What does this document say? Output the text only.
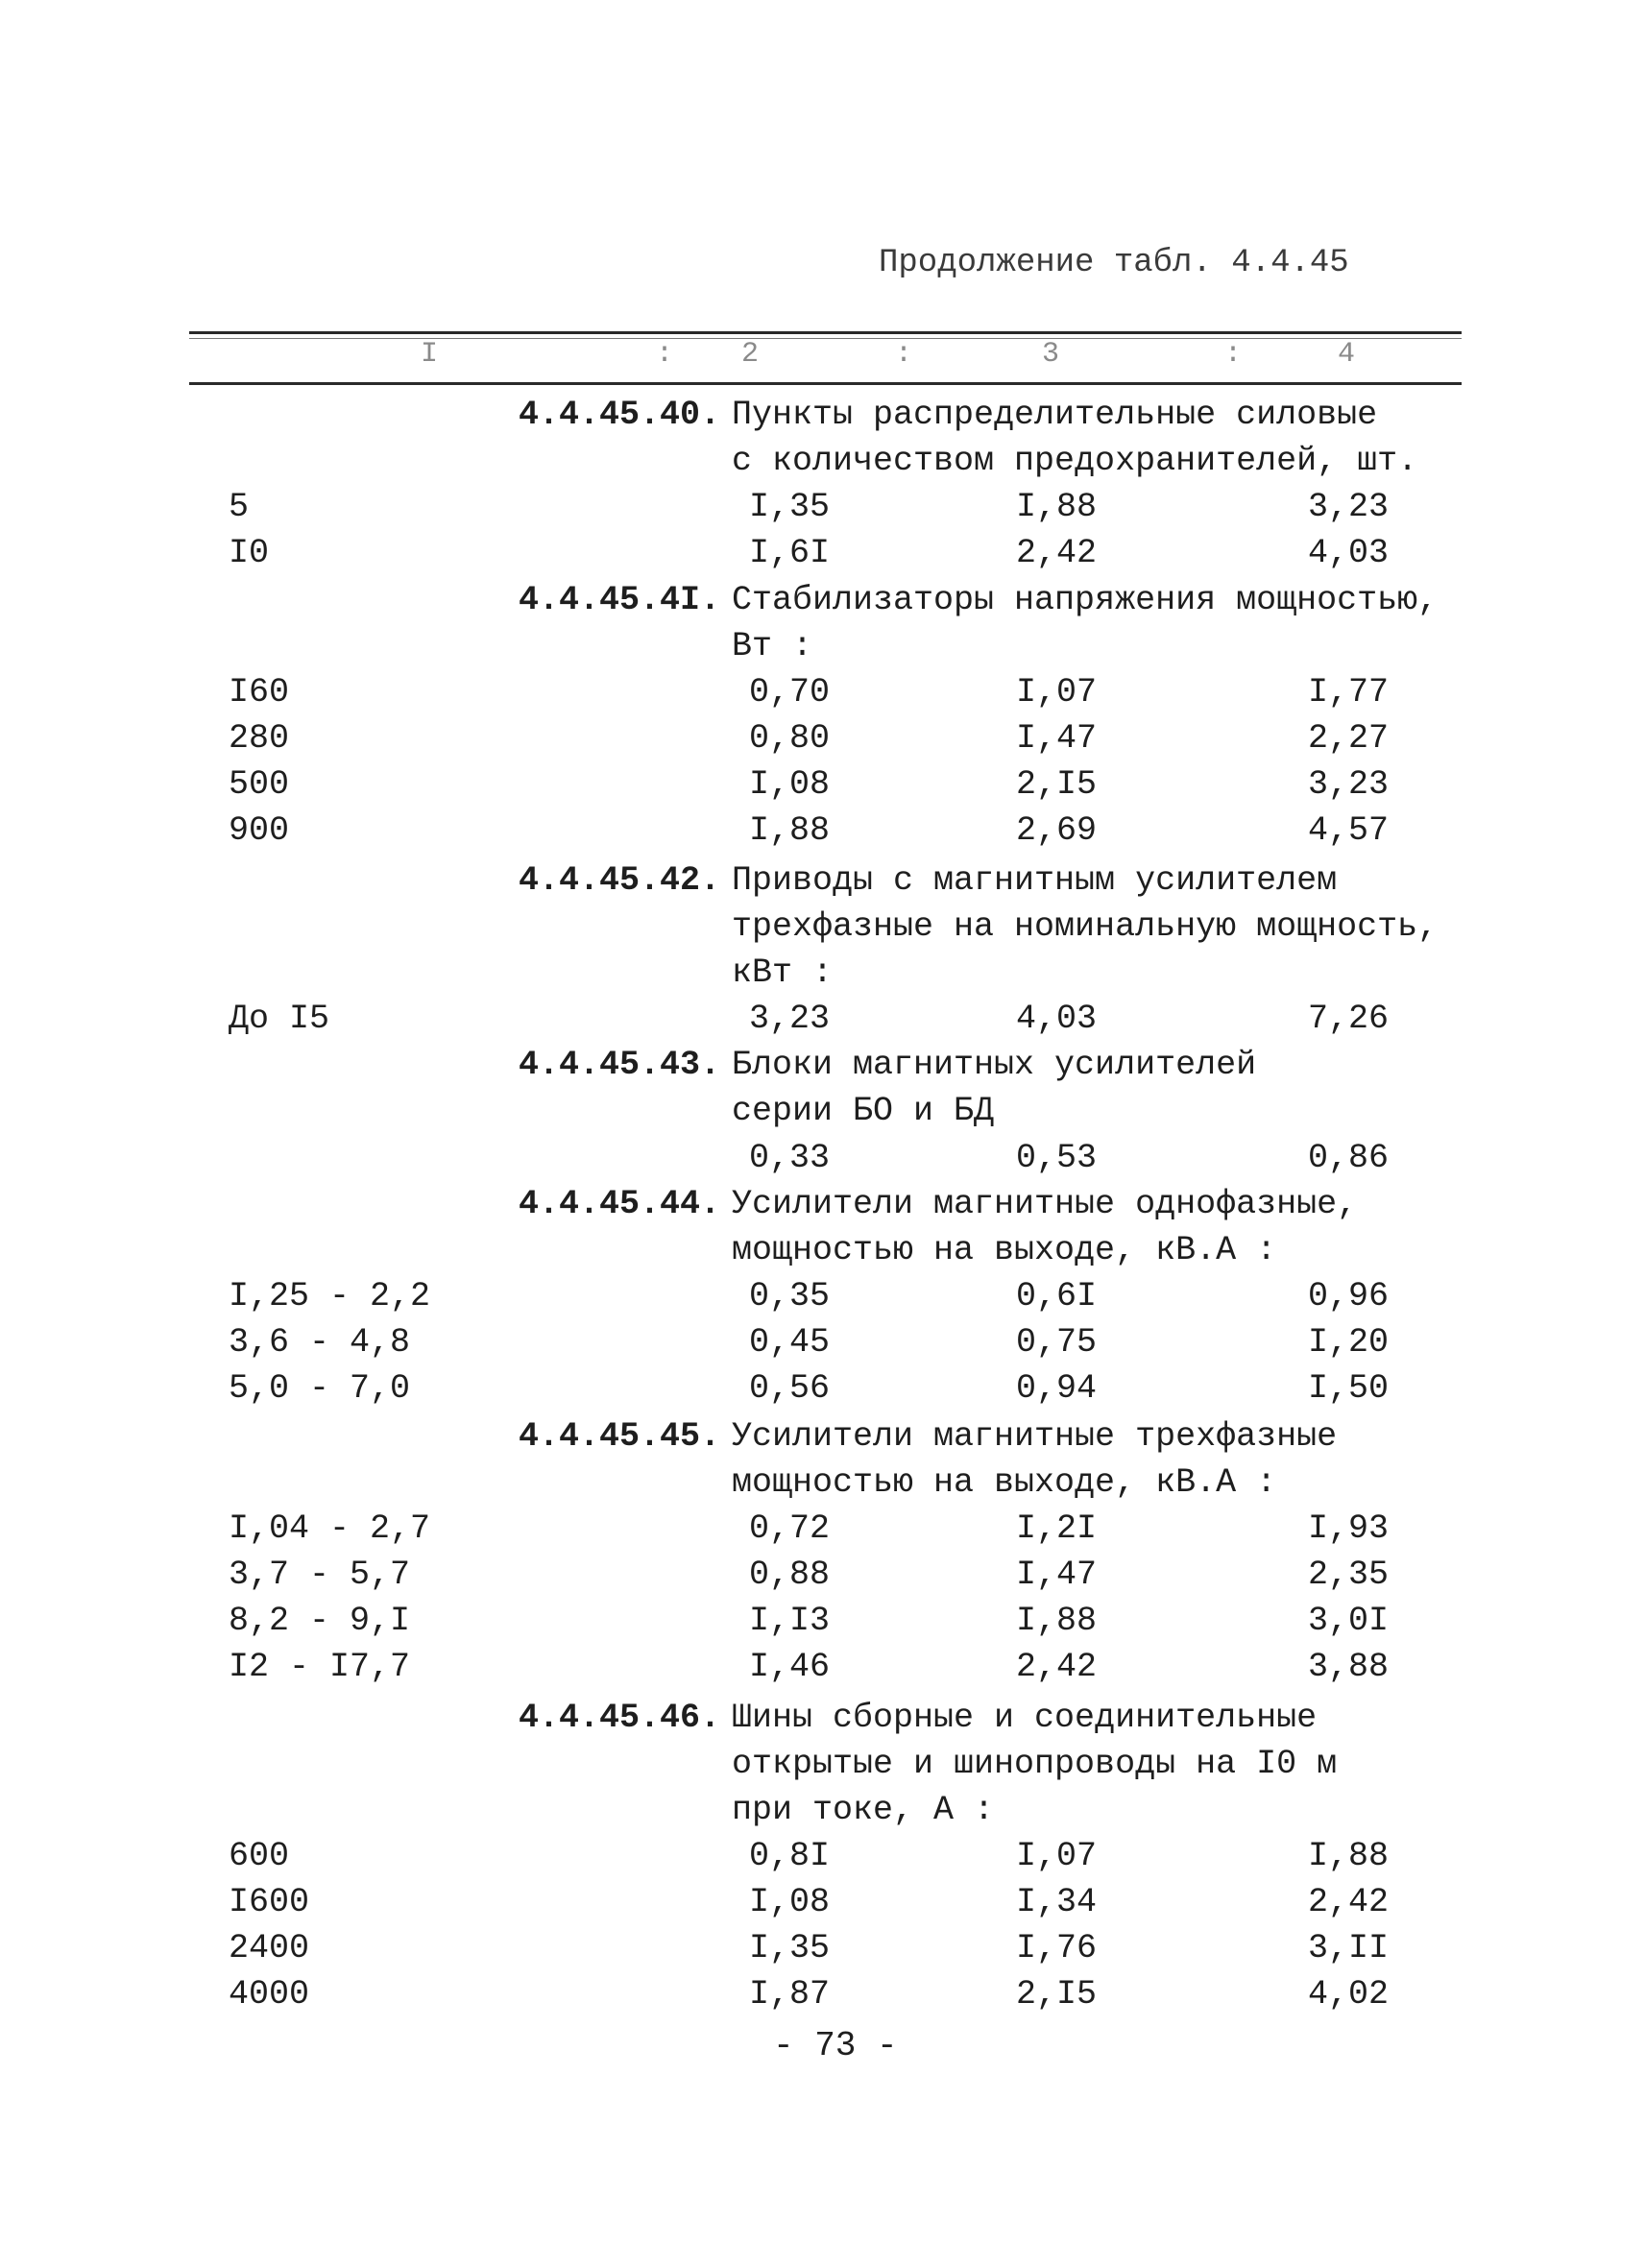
Продолжение табл. 4.4.45
I	: 2	:	3	:	4
4.4.45.40. Пункты распределительные силовые
с количеством предохранителей, шт.
5	I,35	I,88	3,23
I0	I,6I	2,42	4,03
4.4.45.4I. Стабилизаторы напряжения мощностью,
Вт :
I60	0,70	I,07	I,77
280	0,80	I,47	2,27
500	I,08	2,I5	3,23
900	I,88	2,69	4,57
4.4.45.42. Приводы с магнитным усилителем
трехфазные на номинальную мощность,
кВт :
До I5	3,23	4,03	7,26
4.4.45.43. Блоки магнитных усилителей
серии БО и БД
0,33	0,53	0,86
4.4.45.44. Усилители магнитные однофазные,
мощностью на выходе, кВ.А :
I,25 - 2,2	0,35	0,6I	0,96
3,6 - 4,8	0,45	0,75	I,20
5,0 - 7,0	0,56	0,94	I,50
4.4.45.45. Усилители магнитные трехфазные
мощностью на выходе, кВ.А :
I,04 - 2,7	0,72	I,2I	I,93
3,7 - 5,7	0,88	I,47	2,35
8,2 - 9,I	I,I3	I,88	3,0I
I2 - I7,7	I,46	2,42	3,88
4.4.45.46. Шины сборные и соединительные
открытые и шинопроводы на I0 м
при токе, А :
600	0,8I	I,07	I,88
I600	I,08	I,34	2,42
2400	I,35	I,76	3,II
4000	I,87	2,I5	4,02
- 73 -
